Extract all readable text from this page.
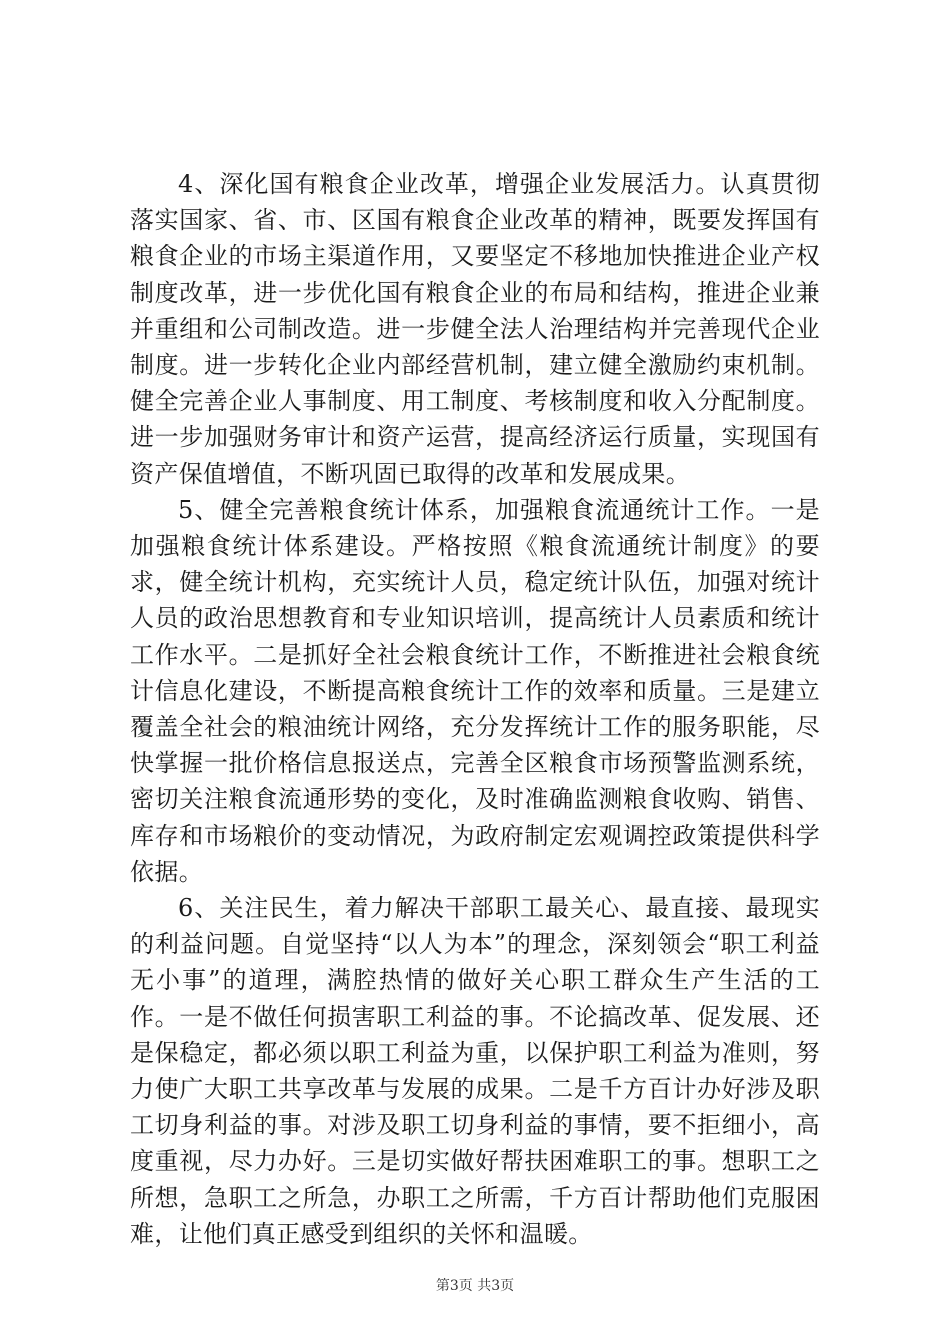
4、深化国有粮食企业改革，增强企业发展活力。认真贯彻落实国家、省、市、区国有粮食企业改革的精神，既要发挥国有粮食企业的市场主渠道作用，又要坚定不移地加快推进企业产权制度改革，进一步优化国有粮食企业的布局和结构，推进企业兼并重组和公司制改造。进一步健全法人治理结构并完善现代企业制度。进一步转化企业内部经营机制，建立健全激励约束机制。健全完善企业人事制度、用工制度、考核制度和收入分配制度。进一步加强财务审计和资产运营，提高经济运行质量，实现国有资产保值增值，不断巩固已取得的改革和发展成果。

5、健全完善粮食统计体系，加强粮食流通统计工作。一是加强粮食统计体系建设。严格按照《粮食流通统计制度》的要求，健全统计机构，充实统计人员，稳定统计队伍，加强对统计人员的政治思想教育和专业知识培训，提高统计人员素质和统计工作水平。二是抓好全社会粮食统计工作，不断推进社会粮食统计信息化建设，不断提高粮食统计工作的效率和质量。三是建立覆盖全社会的粮油统计网络，充分发挥统计工作的服务职能，尽快掌握一批价格信息报送点，完善全区粮食市场预警监测系统，密切关注粮食流通形势的变化，及时准确监测粮食收购、销售、库存和市场粮价的变动情况，为政府制定宏观调控政策提供科学依据。

6、关注民生，着力解决干部职工最关心、最直接、最现实的利益问题。自觉坚持“以人为本”的理念，深刻领会“职工利益无小事”的道理，满腔热情的做好关心职工群众生产生活的工作。一是不做任何损害职工利益的事。不论搞改革、促发展、还是保稳定，都必须以职工利益为重，以保护职工利益为准则，努力使广大职工共享改革与发展的成果。二是千方百计办好涉及职工切身利益的事。对涉及职工切身利益的事情，要不拒细小，高度重视，尽力办好。三是切实做好帮扶困难职工的事。想职工之所想，急职工之所急，办职工之所需，千方百计帮助他们克服困难，让他们真正感受到组织的关怀和温暖。

第3页 共3页
